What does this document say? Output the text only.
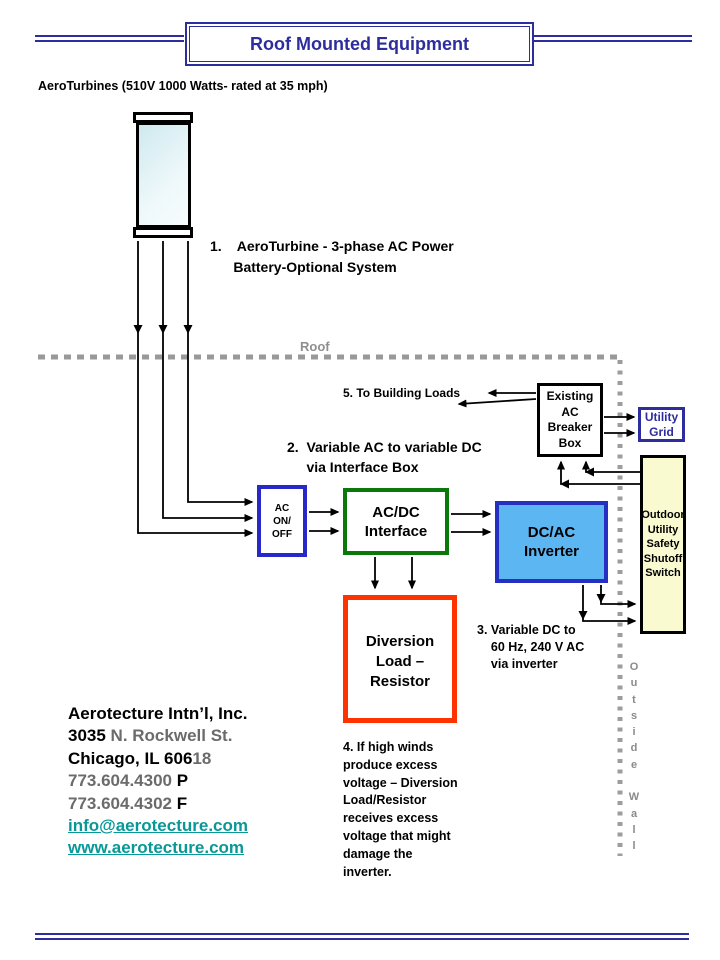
Roof Mounted Equipment
AeroTurbines (510V 1000 Watts- rated at 35 mph)
AC
ON/
OFF
AC/DC
Interface	DC/AC
Inverter
Diversion
Load –
Resistor
Existing
AC
Breaker
Box
Utility
Grid
Outdoor
Utility
Safety
Shutoff
Switch
1.    AeroTurbine - 3-phase AC Power
Battery-Optional System
2.  Variable AC to variable DC
via Interface Box
3. Variable DC to
60 Hz, 240 V AC
via inverter
4. If high winds
produce excess
voltage – Diversion
Load/Resistor
receives excess
voltage that might
damage the
inverter.
5. To Building Loads
Roof
O
u
t
s
i
d
e

W
a
l
l
Aerotecture Intn’l, Inc.
3035 N. Rockwell St.
Chicago, IL 60618
773.604.4300 P
773.604.4302 F
info@aerotecture.com
www.aerotecture.com
